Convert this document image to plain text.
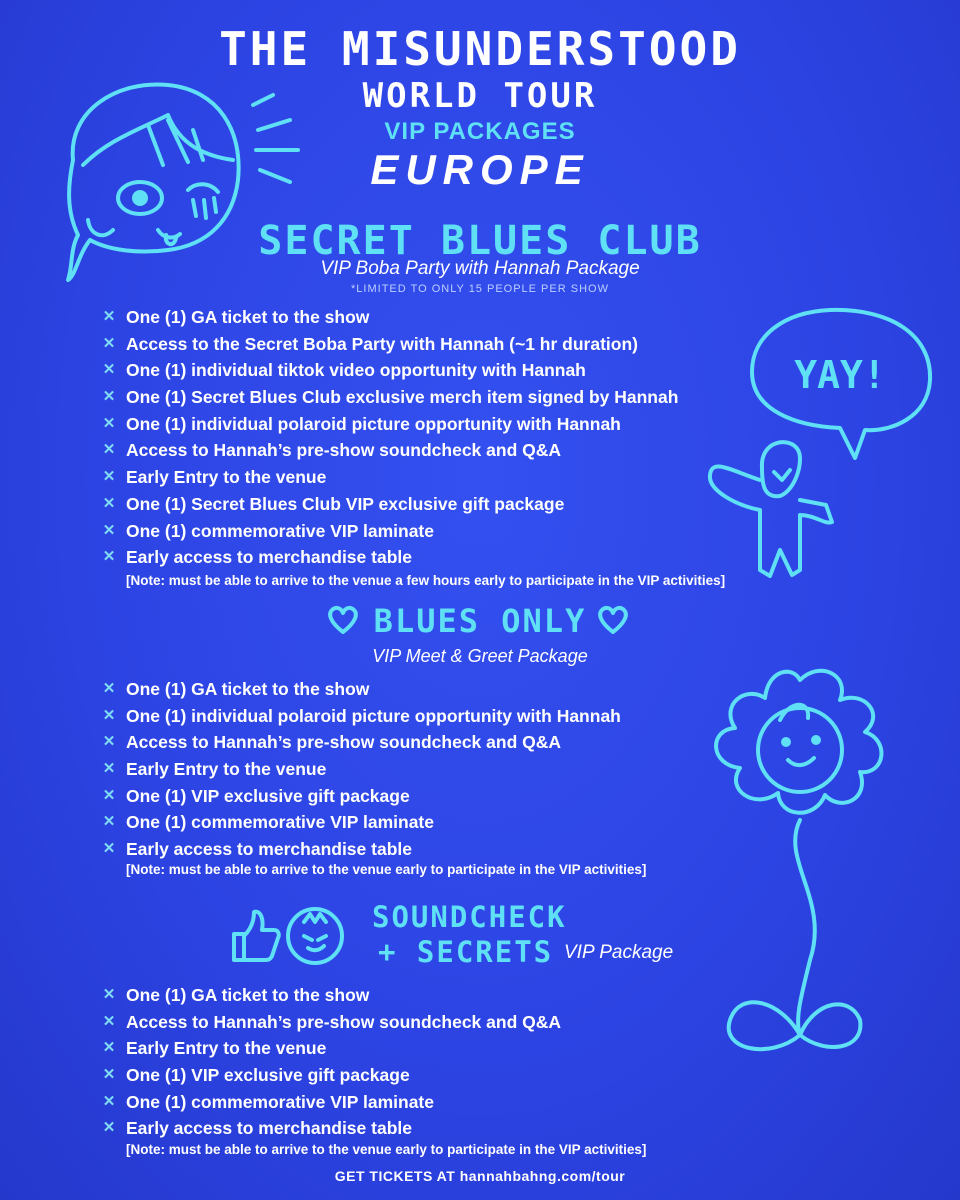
THE MISUNDERSTOOD
WORLD TOUR
VIP PACKAGES
EUROPE
YAY!
SECRET BLUES CLUB
VIP Boba Party with Hannah Package
*LIMITED TO ONLY 15 PEOPLE PER SHOW
✕ One (1) GA ticket to the show
✕ Access to the Secret Boba Party with Hannah (~1 hr duration)
✕ One (1) individual tiktok video opportunity with Hannah
✕ One (1) Secret Blues Club exclusive merch item signed by Hannah
✕ One (1) individual polaroid picture opportunity with Hannah
✕ Access to Hannah’s pre-show soundcheck and Q&A
✕ Early Entry to the venue
✕ One (1) Secret Blues Club VIP exclusive gift package
✕ One (1) commemorative VIP laminate
✕ Early access to merchandise table
[Note: must be able to arrive to the venue a few hours early to participate in the VIP activities]
BLUES ONLY
VIP Meet & Greet Package
✕ One (1) GA ticket to the show
✕ One (1) individual polaroid picture opportunity with Hannah
✕ Access to Hannah’s pre-show soundcheck and Q&A
✕ Early Entry to the venue
✕ One (1) VIP exclusive gift package
✕ One (1) commemorative VIP laminate
✕ Early access to merchandise table
[Note: must be able to arrive to the venue early to participate in the VIP activities]
SOUNDCHECK
+ SECRETS VIP Package
✕ One (1) GA ticket to the show
✕ Access to Hannah’s pre-show soundcheck and Q&A
✕ Early Entry to the venue
✕ One (1) VIP exclusive gift package
✕ One (1) commemorative VIP laminate
✕ Early access to merchandise table
[Note: must be able to arrive to the venue early to participate in the VIP activities]
GET TICKETS AT hannahbahng.com/tour
